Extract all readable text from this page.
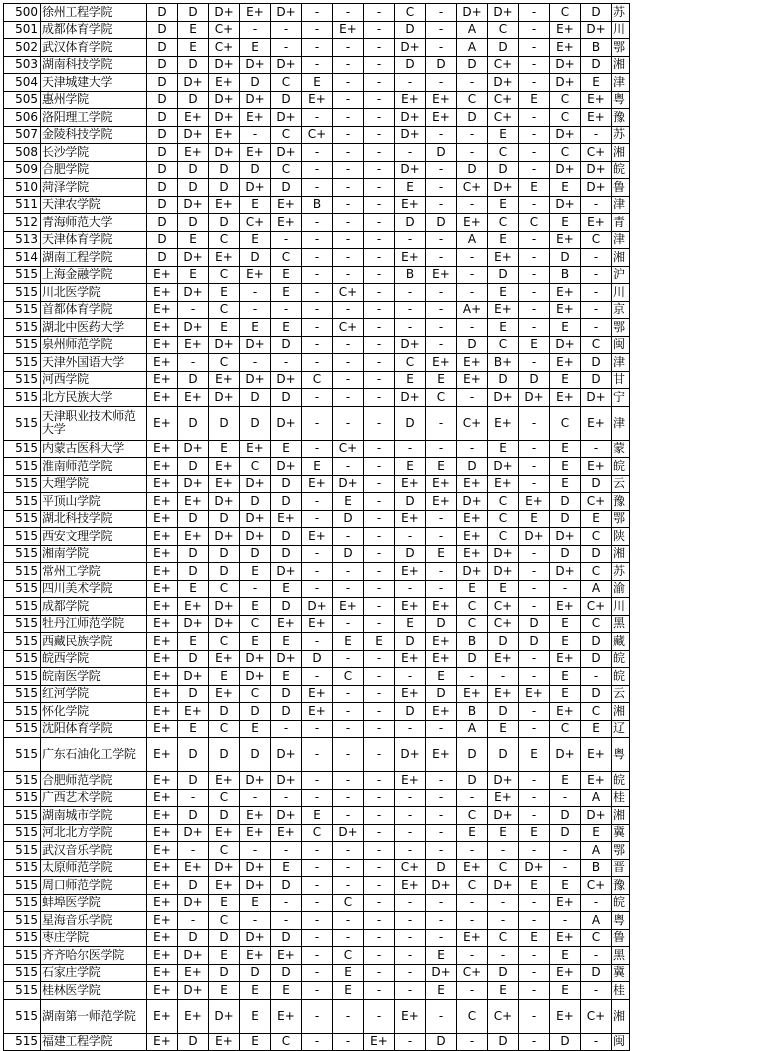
500	徐州工程学院	D	D	D+	E+	D+	-	-	-	C	-	D+	D+	-	C	D	苏
501	成都体育学院	D	E	C+	-	-	-	E+	-	D	-	A	C	-	E+	D+	川
502	武汉体育学院	D	E	C+	E	-	-	-	-	D+	-	A	D	-	E+	B	鄂
503	湖南科技学院	D	D	D+	D+	D+	-	-	-	D	D	D	C+	-	D+	D	湘
504	天津城建大学	D	D+	E+	D	C	E	-	-	-	-	-	D+	-	D+	E	津
505	惠州学院	D	D	D+	D+	D	E+	-	-	E+	E+	C	C+	E	C	E+	粤
506	洛阳理工学院	D	E+	D+	E+	D+	-	-	-	D+	E+	D	C+	-	C	E+	豫
507	金陵科技学院	D	D+	E+	-	C	C+	-	-	D+	-	-	E	-	D+	-	苏
508	长沙学院	D	E+	D+	E+	D+	-	-	-	-	D	-	C	-	C	C+	湘
509	合肥学院	D	D	D	D	C	-	-	-	D+	-	D	D	-	D+	D+	皖
510	菏泽学院	D	D	D	D+	D	-	-	-	E	-	C+	D+	E	E	D+	鲁
511	天津农学院	D	D+	E+	E	E+	B	-	-	E+	-	-	E	-	D+	-	津
512	青海师范大学	D	D	D	C+	E+	-	-	-	D	D	E+	C	C	E	E+	青
513	天津体育学院	D	E	C	E	-	-	-	-	-	-	A	E	-	E+	C	津
514	湖南工程学院	D	D+	E+	D	C	-	-	-	E+	-	-	E+	-	D	-	湘
515	上海金融学院	E+	E	C	E+	E	-	-	-	B	E+	-	D	-	B	-	沪
515	川北医学院	E+	D+	E	-	E	-	C+	-	-	-	-	E	-	E+	-	川
515	首都体育学院	E+	-	C	-	-	-	-	-	-	-	A+	E+	-	E+	-	京
515	湖北中医药大学	E+	D+	E	E	E	-	C+	-	-	-	-	E	-	E	-	鄂
515	泉州师范学院	E+	E+	D+	D+	D	-	-	-	D+	-	D	C	E	D+	C	闽
515	天津外国语大学	E+	-	C	-	-	-	-	-	C	E+	E+	B+	-	E+	D	津
515	河西学院	E+	D	E+	D+	D+	C	-	-	E	E	E+	D	D	E	D	甘
515	北方民族大学	E+	E+	D+	D	D	-	-	-	D+	C	-	D+	D+	E+	D+	宁
515	天津职业技术师范大学	E+	D	D	D	D+	-	-	-	D	-	C+	E+	-	C	E+	津
515	内蒙古医科大学	E+	D+	E	E+	E	-	C+	-	-	-	-	E	-	E	-	蒙
515	淮南师范学院	E+	D	E+	C	D+	E	-	-	E	E	D	D+	-	E	E+	皖
515	大理学院	E+	D+	E+	D+	D	E+	D+	-	E+	E+	E+	E+	-	E	D	云
515	平顶山学院	E+	E+	D+	D	D	-	E	-	D	E+	D+	C	E+	D	C+	豫
515	湖北科技学院	E+	D	D	D+	E+	-	D	-	E+	-	E+	C	E	D	E	鄂
515	西安文理学院	E+	E+	D+	D+	D	E+	-	-	-	-	E+	C	D+	D+	C	陕
515	湘南学院	E+	D	D	D	D	-	D	-	D	E	E+	D+	-	D	D	湘
515	常州工学院	E+	D	D	E	D+	-	-	-	E+	-	D+	D+	-	D+	C	苏
515	四川美术学院	E+	E	C	-	E	-	-	-	-	-	E	E	-	-	A	渝
515	成都学院	E+	E+	D+	E	D	D+	E+	-	E+	E+	C	C+	-	E+	C+	川
515	牡丹江师范学院	E+	D+	D+	C	E+	E+	-	-	E	D	C	C+	D	E	C	黑
515	西藏民族学院	E+	E	C	E	E	-	E	E	D	E+	B	D	D	E	D	藏
515	皖西学院	E+	D	E+	D+	D+	D	-	-	E+	E+	D	E+	-	E+	D	皖
515	皖南医学院	E+	D+	E	D+	E	-	C	-	-	E	-	-	-	E	-	皖
515	红河学院	E+	D	E+	C	D	E+	-	-	E+	D	E+	E+	E+	E	D	云
515	怀化学院	E+	E+	D	D	D	E+	-	-	D	E+	B	D	-	E+	C	湘
515	沈阳体育学院	E+	E	C	E	-	-	-	-	-	-	A	E	-	C	E	辽
515	广东石油化工学院	E+	D	D	D	D+	-	-	-	D+	E+	D	D	E	D+	E+	粤
515	合肥师范学院	E+	D	E+	D+	D+	-	-	-	E+	-	D	D+	-	E	E+	皖
515	广西艺术学院	E+	-	C	-	-	-	-	-	-	-	-	E+	-	-	A	桂
515	湖南城市学院	E+	D	D	E+	D+	E	-	-	-	-	C	D+	-	D	D+	湘
515	河北北方学院	E+	D+	E+	E+	E+	C	D+	-	-	-	E	E	E	D	E	冀
515	武汉音乐学院	E+	-	C	-	-	-	-	-	-	-	-	-	-	-	A	鄂
515	太原师范学院	E+	E+	D+	D+	E	-	-	-	C+	D	E+	C	D+	-	B	晋
515	周口师范学院	E+	D	E+	D+	D	-	-	-	E+	D+	C	D+	E	E	C+	豫
515	蚌埠医学院	E+	D+	E	E	-	-	C	-	-	-	-	-	-	E+	-	皖
515	星海音乐学院	E+	-	C	-	-	-	-	-	-	-	-	-	-	-	A	粤
515	枣庄学院	E+	D	D	D+	D	-	-	-	-	-	E+	C	E	E+	C	鲁
515	齐齐哈尔医学院	E+	D+	E	E+	E+	-	C	-	-	E	-	-	-	E	-	黑
515	石家庄学院	E+	E+	D	D	D	-	E	-	-	D+	C+	D	-	E+	D	冀
515	桂林医学院	E+	D+	E	E	E	-	E	-	-	E	-	E	-	E	-	桂
515	湖南第一师范学院	E+	E+	D+	E	E+	-	-	-	E+	-	C	C+	-	E+	C+	湘
515	福建工程学院	E+	D	E+	E	C	-	-	E+	-	D	-	D	-	D	-	闽
